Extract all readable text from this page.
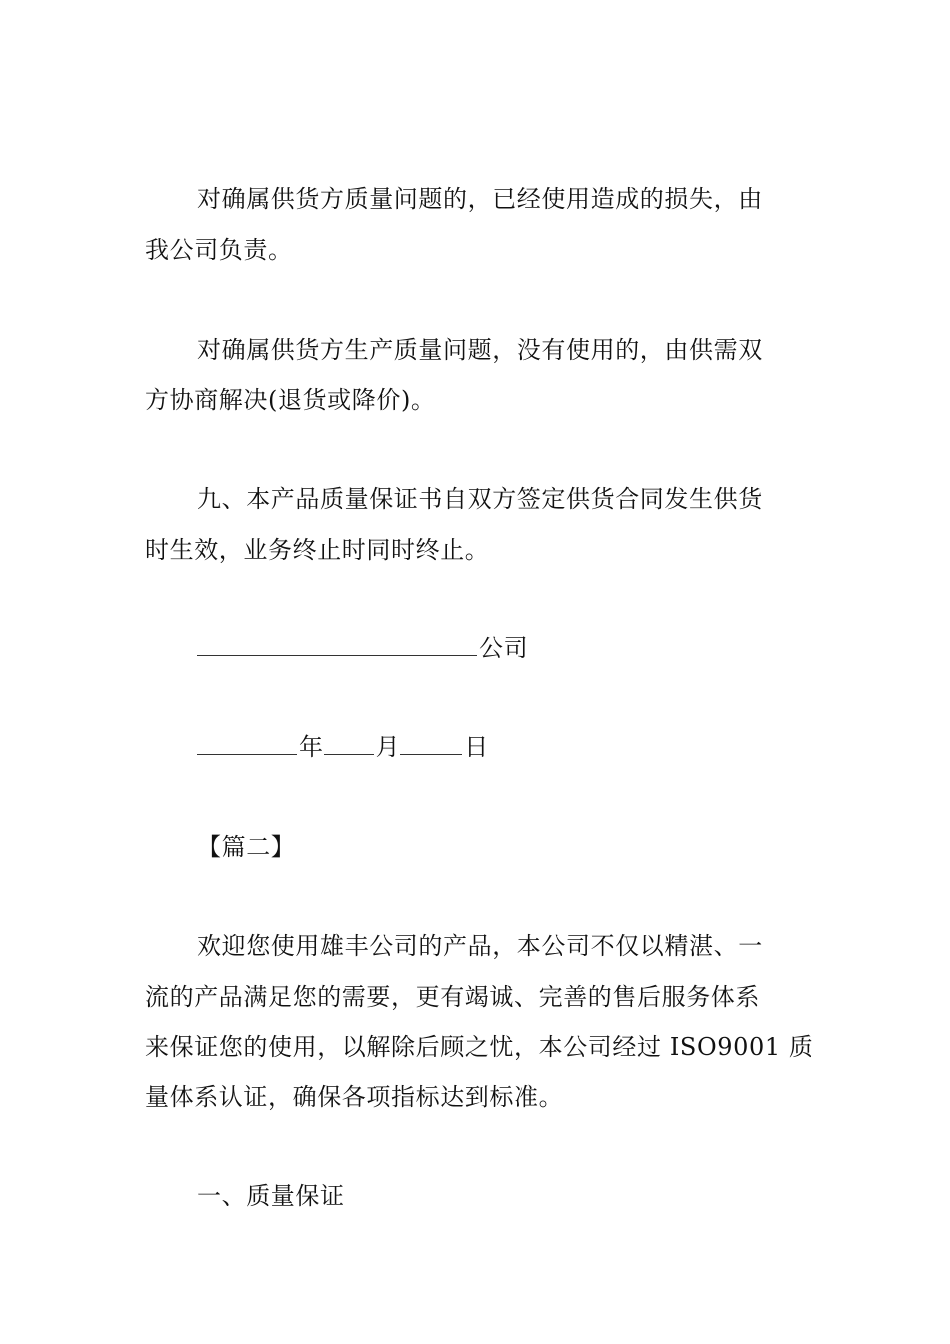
对确属供货方质量问题的，已经使用造成的损失，由
我公司负责。
对确属供货方生产质量问题，没有使用的，由供需双
方协商解决(退货或降价)。
九、本产品质量保证书自双方签定供货合同发生供货
时生效，业务终止时同时终止。
公司
年 月	日
【篇二】
欢迎您使用雄丰公司的产品，本公司不仅以精湛、一
流的产品满足您的需要，更有竭诚、完善的售后服务体系
来保证您的使用，以解除后顾之忧，本公司经过 ISO9001 质
量体系认证，确保各项指标达到标准。
一、质量保证
